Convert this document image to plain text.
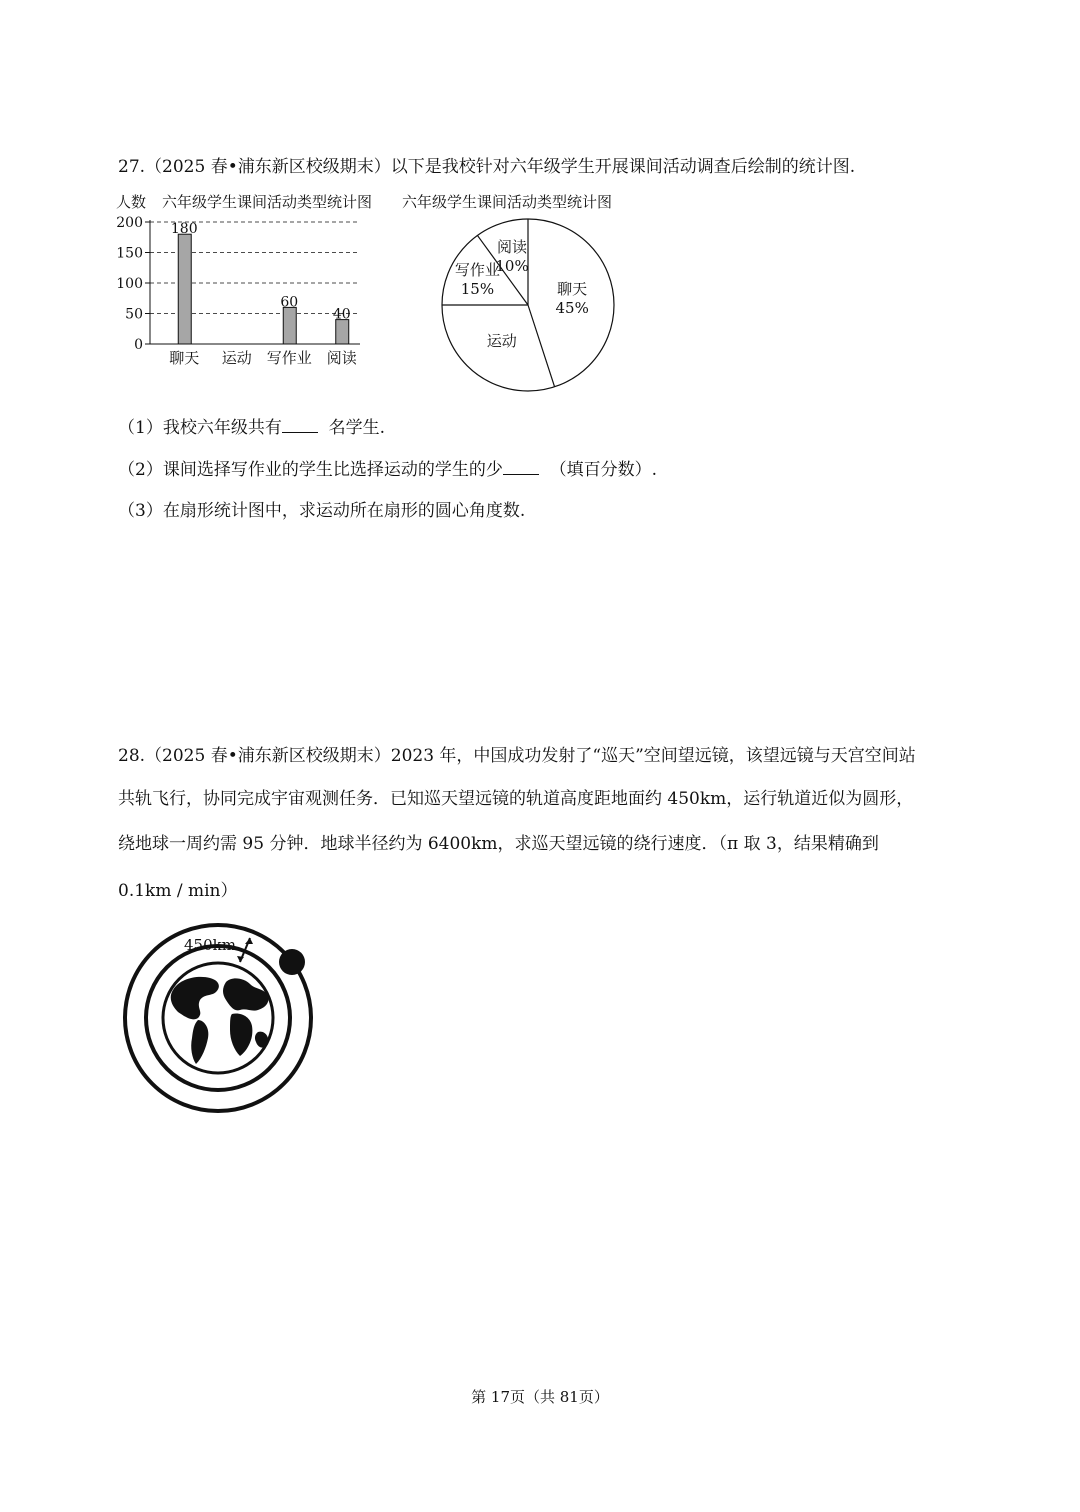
27.（2025 春•浦东新区校级期末）以下是我校针对六年级学生开展课间活动调查后绘制的统计图.
人数 六年级学生课间活动类型统计图 六年级学生课间活动类型统计图
0
50
100
150
200
聊天
180
运动 写作业
60
阅读
40
聊天
45%
运动
写作业
15%
阅读
10%
（1）我校六年级共有	名学生.
（2）课间选择写作业的学生比选择运动的学生的少	（填百分数）.
（3）在扇形统计图中，求运动所在扇形的圆心角度数.
28.（2025 春•浦东新区校级期末）2023 年，中国成功发射了“巡天”空间望远镜，该望远镜与天宫空间站
共轨飞行，协同完成宇宙观测任务．已知巡天望远镜的轨道高度距地面约 450km，运行轨道近似为圆形，
绕地球一周约需 95 分钟．地球半径约为 6400km，求巡天望远镜的绕行速度．（π 取 3，结果精确到
0.1km / min）
450km
第 17页（共 81页）
